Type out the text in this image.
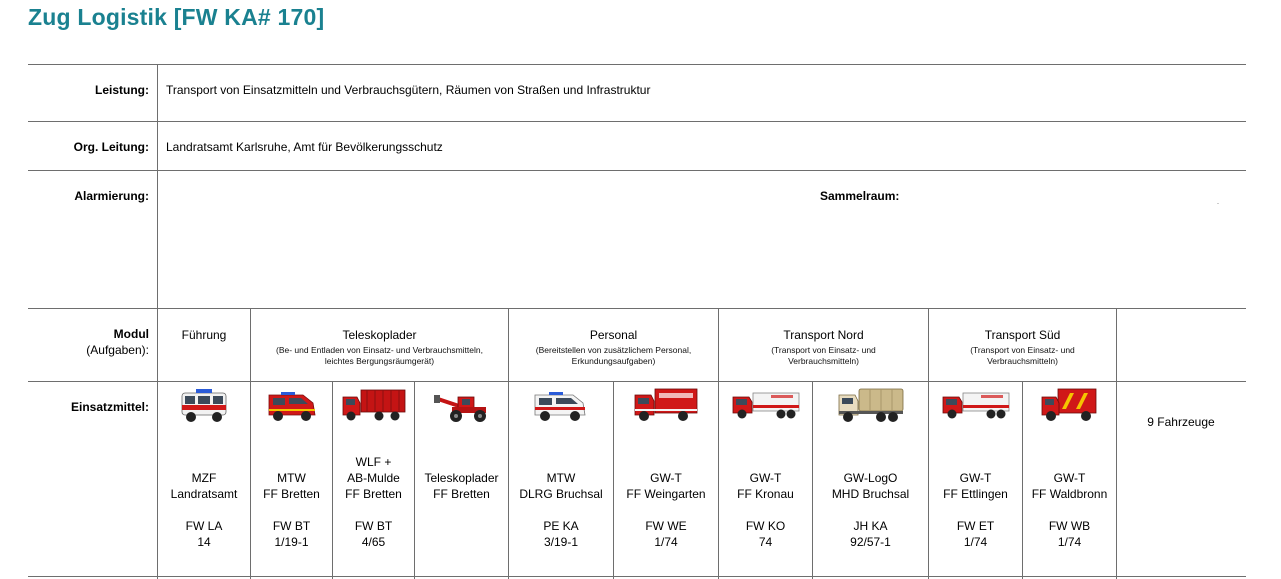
Zug Logistik [FW KA# 170]
Leistung: Transport von Einsatzmitteln und Verbrauchsgütern, Räumen von Straßen und Infrastruktur
Org. Leitung: Landratsamt Karlsruhe, Amt für Bevölkerungsschutz
Alarmierung:	Sammelraum:
Modul
(Aufgaben):
Einsatzmittel:
Führung	Teleskoplader
(Be- und Entladen von Einsatz- und Verbrauchsmitteln,
leichtes Bergungsräumgerät)
Personal
(Bereitstellen von zusätzlichem Personal,
Erkundungsaufgaben)
Transport Nord
(Transport von Einsatz- und
Verbrauchsmitteln)
Transport Süd
(Transport von Einsatz- und
Verbrauchsmitteln)
MZF
Landratsamt
FW LA
14
MTW
FF Bretten
FW BT
1/19-1
WLF +
AB-Mulde
FF Bretten
FW BT
4/65
Teleskoplader
FF Bretten
MTW
DLRG Bruchsal
PE KA
3/19-1
GW-T
FF Weingarten
FW WE
1/74
GW-T
FF Kronau
FW KO
74
GW-LogO
MHD Bruchsal
JH KA
92/57-1
GW-T
FF Ettlingen
FW ET
1/74
GW-T
FF Waldbronn
FW WB
1/74
9 Fahrzeuge
